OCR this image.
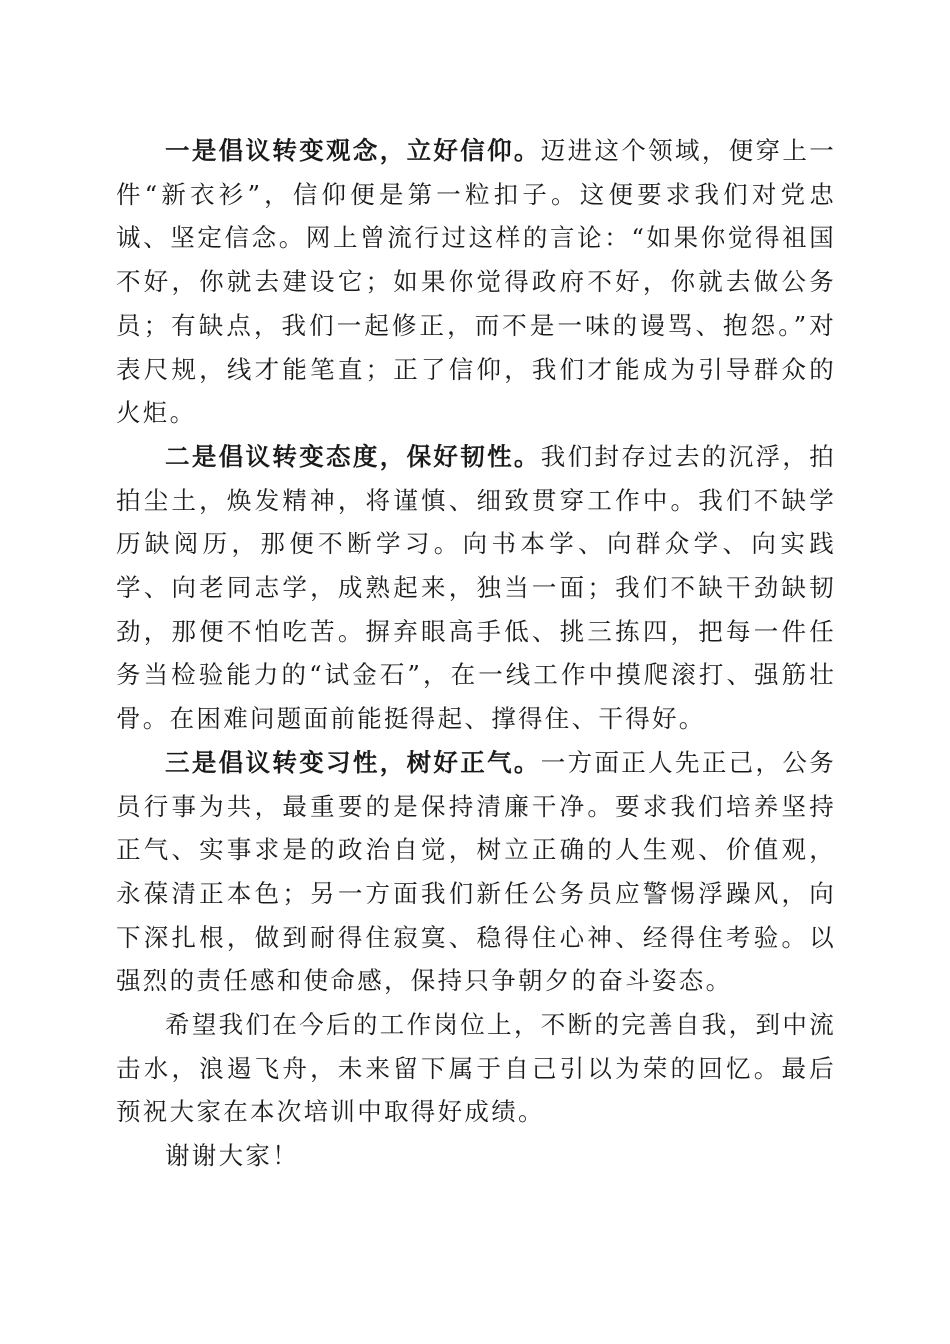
一是倡议转变观念，立好信仰。迈进这个领域，便穿上一件“新衣衫”，信仰便是第一粒扣子。这便要求我们对党忠诚、坚定信念。网上曾流行过这样的言论：“如果你觉得祖国不好，你就去建设它；如果你觉得政府不好，你就去做公务员；有缺点，我们一起修正，而不是一味的谩骂、抱怨。”对表尺规，线才能笔直；正了信仰，我们才能成为引导群众的火炬。

二是倡议转变态度，保好韧性。我们封存过去的沉浮，拍拍尘土，焕发精神，将谨慎、细致贯穿工作中。我们不缺学历缺阅历，那便不断学习。向书本学、向群众学、向实践学、向老同志学，成熟起来，独当一面；我们不缺干劲缺韧劲，那便不怕吃苦。摒弃眼高手低、挑三拣四，把每一件任务当检验能力的“试金石”，在一线工作中摸爬滚打、强筋壮骨。在困难问题面前能挺得起、撑得住、干得好。

三是倡议转变习性，树好正气。一方面正人先正己，公务员行事为共，最重要的是保持清廉干净。要求我们培养坚持正气、实事求是的政治自觉，树立正确的人生观、价值观，永葆清正本色；另一方面我们新任公务员应警惕浮躁风，向下深扎根，做到耐得住寂寞、稳得住心神、经得住考验。以强烈的责任感和使命感，保持只争朝夕的奋斗姿态。

希望我们在今后的工作岗位上，不断的完善自我，到中流击水，浪遏飞舟，未来留下属于自己引以为荣的回忆。最后预祝大家在本次培训中取得好成绩。

谢谢大家！
